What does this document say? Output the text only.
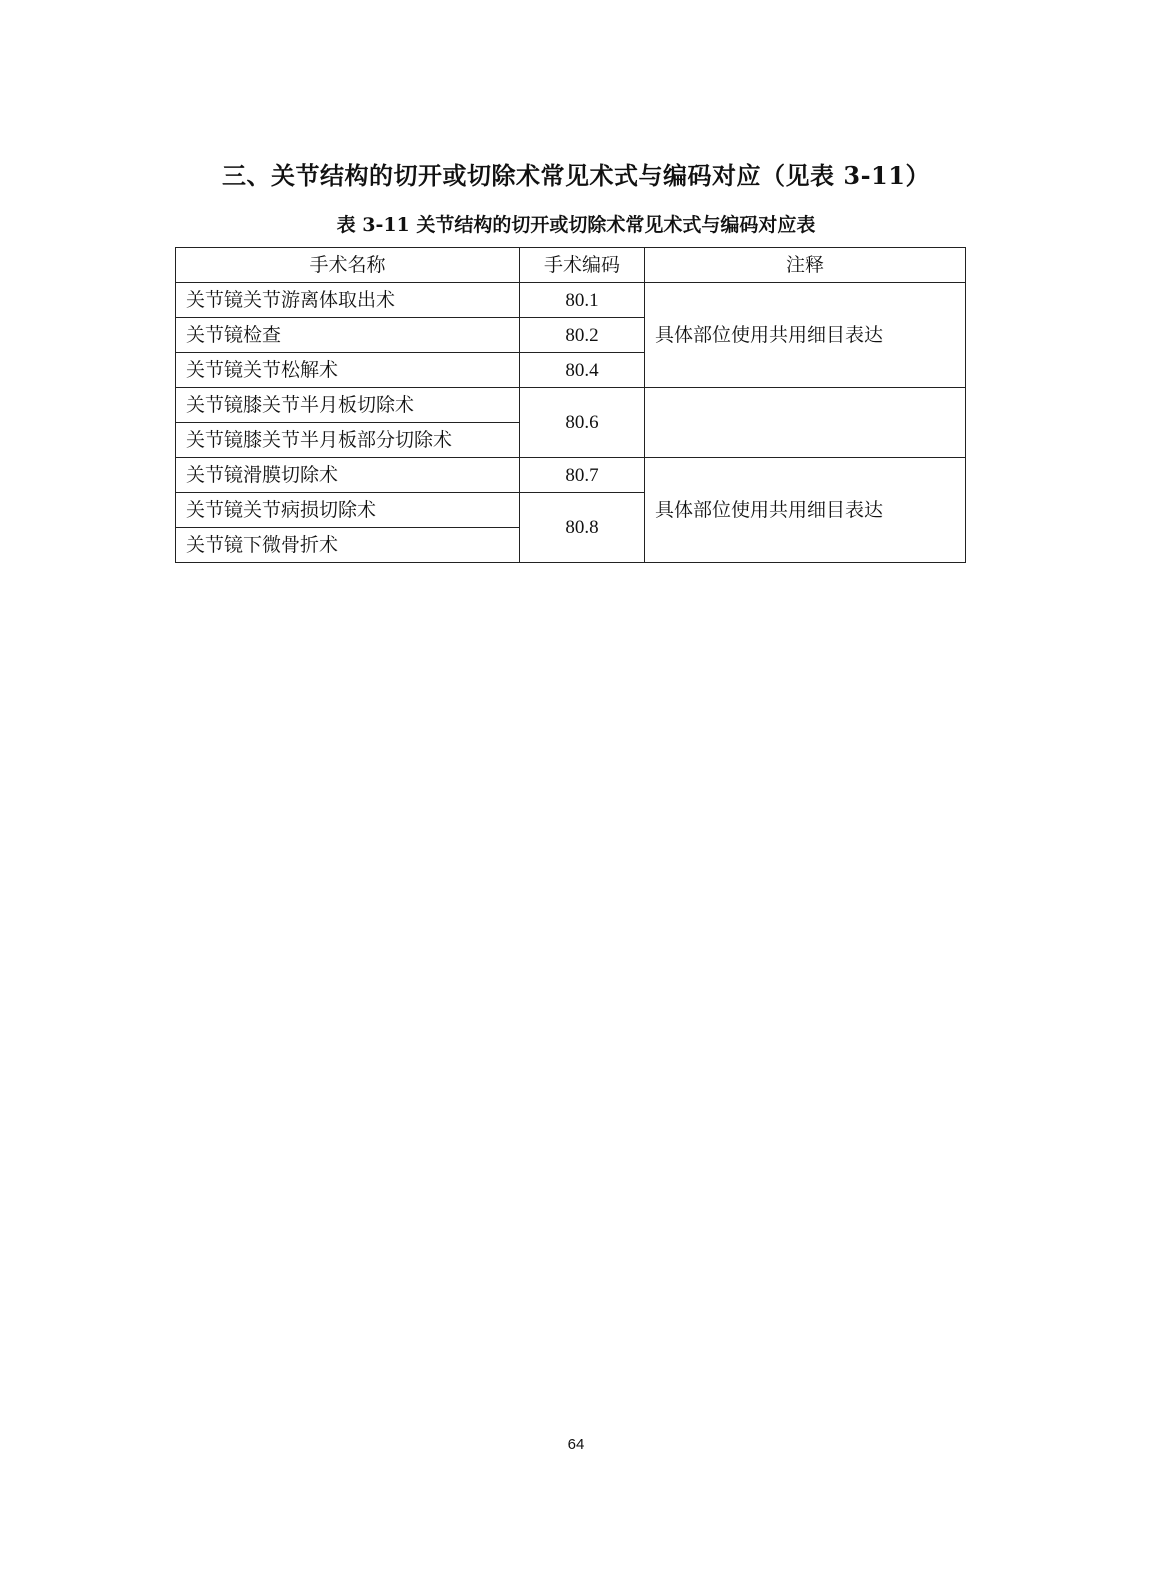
三、关节结构的切开或切除术常见术式与编码对应（见表 3-11）
表 3-11 关节结构的切开或切除术常见术式与编码对应表
手术名称	手术编码	注释
关节镜关节游离体取出术	80.1	具体部位使用共用细目表达
关节镜检查	80.2	
关节镜关节松解术	80.4	
关节镜膝关节半月板切除术	80.6	
关节镜膝关节半月板部分切除术		
关节镜滑膜切除术	80.7	具体部位使用共用细目表达
关节镜关节病损切除术	80.8	
关节镜下微骨折术		
64
